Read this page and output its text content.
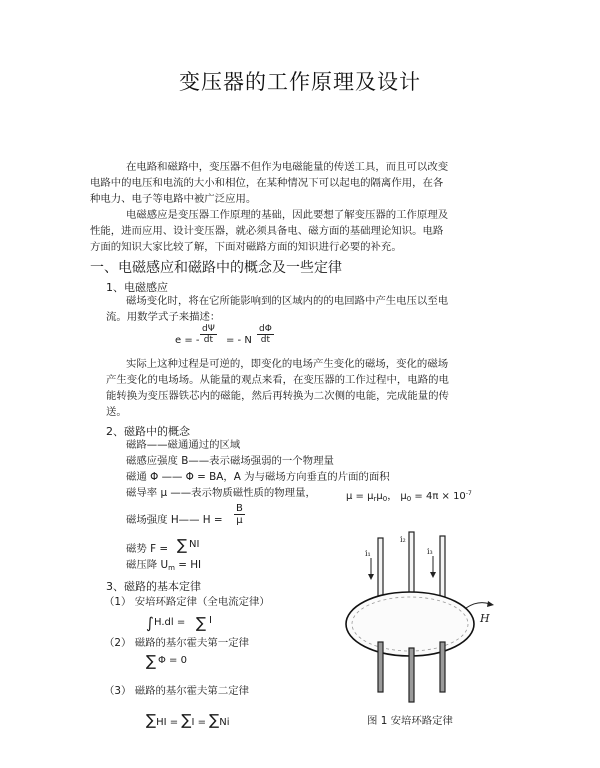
变压器的工作原理及设计
在电路和磁路中，变压器不但作为电磁能量的传送工具，而且可以改变
电路中的电压和电流的大小和相位，在某种情况下可以起电的隔离作用，在各
种电力、电子等电路中被广泛应用。
电磁感应是变压器工作原理的基础，因此要想了解变压器的工作原理及
性能，进而应用、设计变压器，就必须具备电、磁方面的基础理论知识。电路
方面的知识大家比较了解，下面对磁路方面的知识进行必要的补充。
一、电磁感应和磁路中的概念及一些定律
1、电磁感应
磁场变化时，将在它所能影响到的区域内的的电回路中产生电压以至电
流。用数学式子来描述：
e = - $\frac{d\Psi}{dt}$ = - N $\frac{d\Phi}{dt}$
实际上这种过程是可逆的，即变化的电场产生变化的磁场，变化的磁场
产生变化的电场场。从能量的观点来看，在变压器的工作过程中，电路的电
能转换为变压器铁芯内的磁能，然后再转换为二次侧的电能，完成能量的传
送。
2、磁路中的概念
磁路——磁通通过的区域
磁感应强度 B——表示磁场强弱的一个物理量
磁通 Φ —— Φ = BA，A 为与磁场方向垂直的片面的面积
磁导率 μ ——表示物质磁性质的物理量，	$\mu = \mu_r\mu_0$， $\mu_0 = 4\pi \times 10^{-7}$
磁场强度 H—— $H = \frac{B}{\mu}$
磁势 F = ∑ NI
磁压降 $U_m$ = HI
3、磁路的基本定律
（1） 安培环路定律（全电流定律）
∫ H.dl = ∑ I
（2） 磁路的基尔霍夫第一定律
∑ Φ = 0
（3） 磁路的基尔霍夫第二定律
∑HI = ∑I = ∑Ni
i₁	i₃
i₂
H
图 1 安培环路定律
